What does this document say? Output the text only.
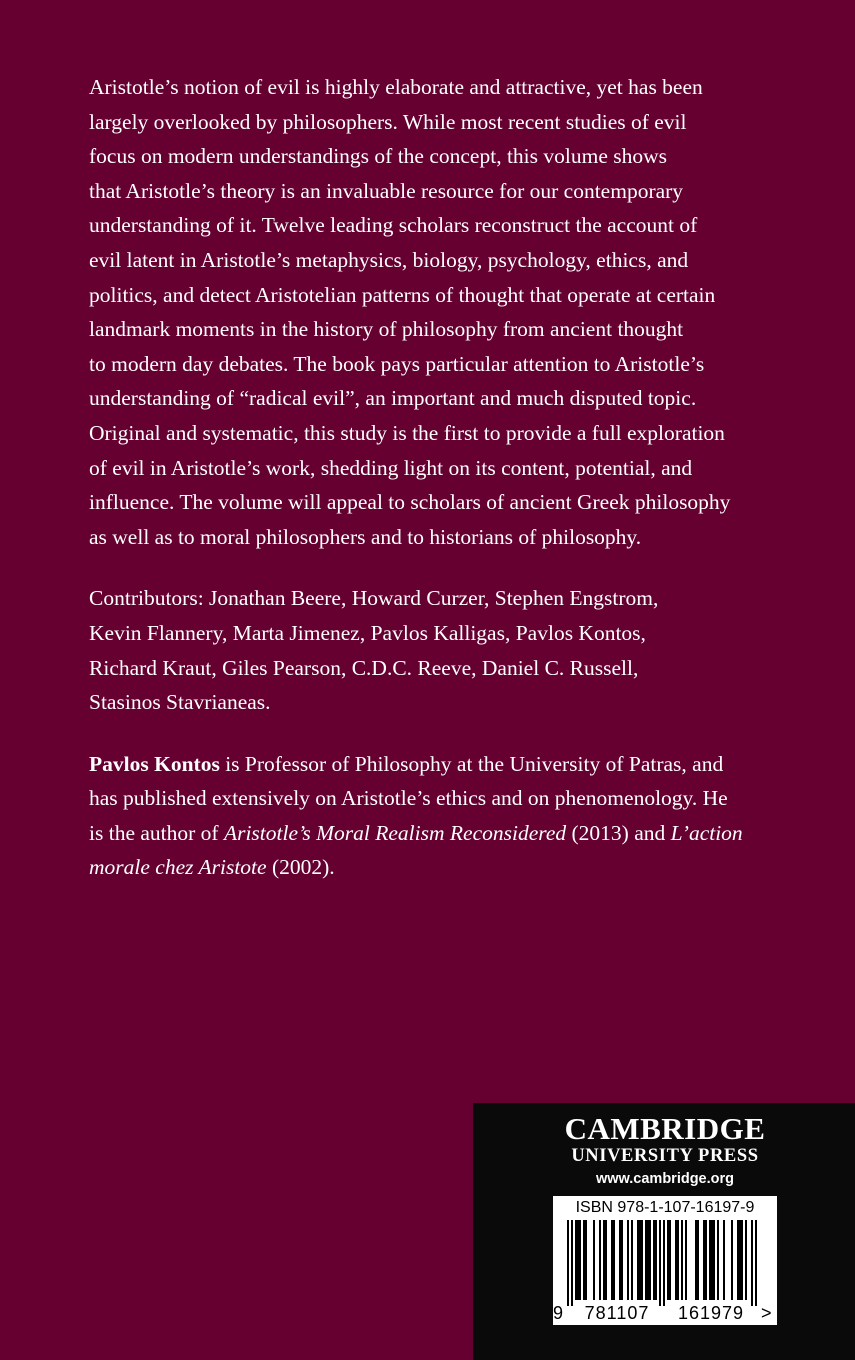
Aristotle’s notion of evil is highly elaborate and attractive, yet has been
largely overlooked by philosophers. While most recent studies of evil
focus on modern understandings of the concept, this volume shows
that Aristotle’s theory is an invaluable resource for our contemporary
understanding of it. Twelve leading scholars reconstruct the account of
evil latent in Aristotle’s metaphysics, biology, psychology, ethics, and
politics, and detect Aristotelian patterns of thought that operate at certain
landmark moments in the history of philosophy from ancient thought
to modern day debates. The book pays particular attention to Aristotle’s
understanding of “radical evil”, an important and much disputed topic.
Original and systematic, this study is the first to provide a full exploration
of evil in Aristotle’s work, shedding light on its content, potential, and
influence. The volume will appeal to scholars of ancient Greek philosophy
as well as to moral philosophers and to historians of philosophy.

Contributors: Jonathan Beere, Howard Curzer, Stephen Engstrom,
Kevin Flannery, Marta Jimenez, Pavlos Kalligas, Pavlos Kontos,
Richard Kraut, Giles Pearson, C.D.C. Reeve, Daniel C. Russell,
Stasinos Stavrianeas.

Pavlos Kontos is Professor of Philosophy at the University of Patras, and
has published extensively on Aristotle’s ethics and on phenomenology. He
is the author of Aristotle’s Moral Realism Reconsidered (2013) and L’action
morale chez Aristote (2002).

CAMBRIDGE
UNIVERSITY PRESS
www.cambridge.org
ISBN 978-1-107-16197-9
9	781107	161979 >
